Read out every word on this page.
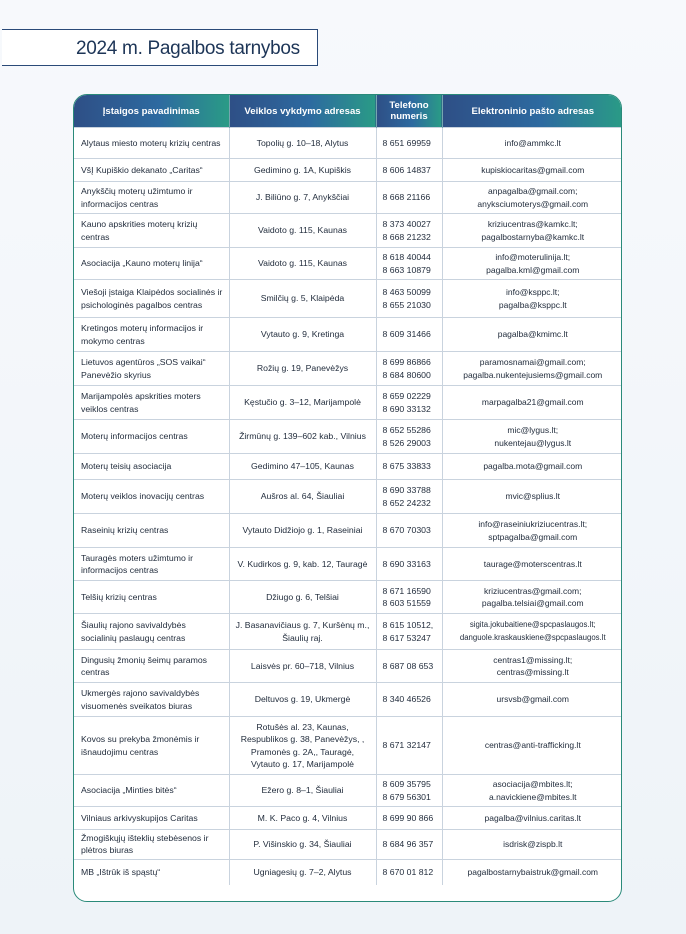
2024 m. Pagalbos tarnybos
Įstaigos pavadinimas	Veiklos vykdymo adresas	Telefono numeris	Elektroninio pašto adresas

Alytaus miesto moterų krizių centras	Topolių g. 10–18, Alytus	8 651 69959	info@ammkc.lt

VšĮ Kupiškio dekanato „Caritas“	Gedimino g. 1A, Kupiškis	8 606 14837	kupiskiocaritas@gmail.com

Anykščių moterų užimtumo ir informacijos centras	J. Biliūno g. 7, Anykščiai	8 668 21166	anpagalba@gmail.com;
anyksciumoterys@gmail.com

Kauno apskrities moterų krizių centras	Vaidoto g. 115, Kaunas	8 373 40027
8 668 21232	kriziucentras@kamkc.lt;
pagalbostarnyba@kamkc.lt

Asociacija „Kauno moterų linija“	Vaidoto g. 115, Kaunas	8 618 40044
8 663 10879	info@moterulinija.lt;
pagalba.kml@gmail.com

Viešoji įstaiga Klaipėdos socialinės ir psichologinės pagalbos centras	Smilčių g. 5, Klaipėda	8 463 50099
8 655 21030	info@ksppc.lt;
pagalba@ksppc.lt

Kretingos moterų informacijos ir mokymo centras	Vytauto g. 9, Kretinga	8 609 31466	pagalba@kmimc.lt

Lietuvos agentūros „SOS vaikai“ Panevėžio skyrius	Rožių g. 19, Panevėžys	8 699 86866
8 684 80600	paramosnamai@gmail.com;
pagalba.nukentejusiems@gmail.com

Marijampolės apskrities moters veiklos centras	Kęstučio g. 3–12, Marijampolė	8 659 02229
8 690 33132	marpagalba21@gmail.com

Moterų informacijos centras	Žirmūnų g. 139–602 kab., Vilnius	8 652 55286
8 526 29003	mic@lygus.lt;
nukentejau@lygus.lt

Moterų teisių asociacija	Gedimino 47–105, Kaunas	8 675 33833	pagalba.mota@gmail.com

Moterų veiklos inovacijų centras	Aušros al. 64, Šiauliai	8 690 33788
8 652 24232	mvic@splius.lt

Raseinių krizių centras	Vytauto Didžiojo g. 1, Raseiniai	8 670 70303	info@raseiniukriziucentras.lt;
sptpagalba@gmail.com

Tauragės moters užimtumo ir informacijos centras	V. Kudirkos g. 9, kab. 12, Tauragė	8 690 33163	taurage@moterscentras.lt

Telšių krizių centras	Džiugo g. 6, Telšiai	8 671 16590
8 603 51559	kriziucentras@gmail.com;
pagalba.telsiai@gmail.com

Šiaulių rajono savivaldybės socialinių paslaugų centras	J. Basanavičiaus g. 7, Kuršėnų m.,
Šiaulių raj.	8 615 10512,
8 617 53247	sigita.jokubaitiene@spcpaslaugos.lt;
danguole.kraskauskiene@spcpaslaugos.lt

Dingusių žmonių šeimų paramos centras	Laisvės pr. 60–718, Vilnius	8 687 08 653	centras1@missing.lt;
centras@missing.lt

Ukmergės rajono savivaldybės visuomenės sveikatos biuras	Deltuvos g. 19, Ukmergė	8 340 46526	ursvsb@gmail.com

Kovos su prekyba žmonėmis ir išnaudojimu centras	Rotušės al. 23, Kaunas,
Respublikos g. 38, Panevėžys, ,
Pramonės g. 2A,, Tauragė,
Vytauto g. 17, Marijampolė	8 671 32147	centras@anti-trafficking.lt

Asociacija „Minties bitės“	Ežero g. 8–1, Šiauliai	8 609 35795
8 679 56301	asociacija@mbites.lt;
a.navickiene@mbites.lt

Vilniaus arkivyskupijos Caritas	M. K. Paco g. 4, Vilnius	8 699 90 866	pagalba@vilnius.caritas.lt

Žmogiškųjų išteklių stebėsenos ir plėtros biuras	P. Višinskio g. 34, Šiauliai	8 684 96 357	isdrisk@zispb.lt

MB „Ištrūk iš spąstų“	Ugniagesių g. 7–2, Alytus	8 670 01 812	pagalbostarnybaistruk@gmail.com
